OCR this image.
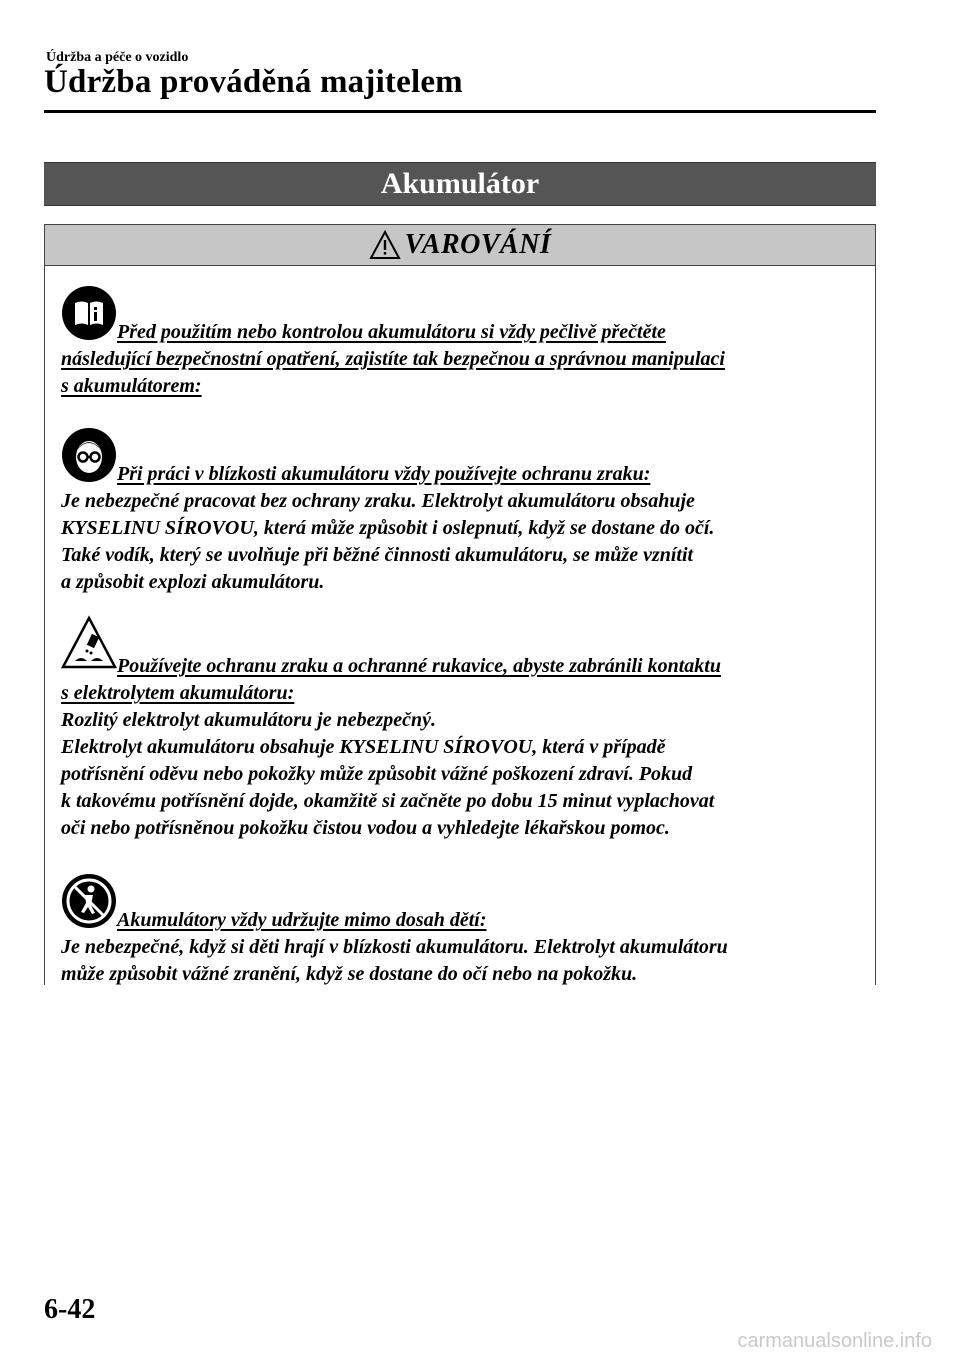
Údržba a péče o vozidlo
Údržba prováděná majitelem
Akumulátor
VAROVÁNÍ

Před použitím nebo kontrolou akumulátoru si vždy pečlivě přečtěte

následující bezpečnostní opatření, zajistíte tak bezpečnou a správnou manipulaci

s akumulátorem:

Při práci v blízkosti akumulátoru vždy používejte ochranu zraku:

Je nebezpečné pracovat bez ochrany zraku. Elektrolyt akumulátoru obsahuje

KYSELINU SÍROVOU, která může způsobit i oslepnutí, když se dostane do očí.

Také vodík, který se uvolňuje při běžné činnosti akumulátoru, se může vznítit

a způsobit explozi akumulátoru.

Používejte ochranu zraku a ochranné rukavice, abyste zabránili kontaktu

s elektrolytem akumulátoru:

Rozlitý elektrolyt akumulátoru je nebezpečný.

Elektrolyt akumulátoru obsahuje KYSELINU SÍROVOU, která v případě

potřísnění oděvu nebo pokožky může způsobit vážné poškození zdraví. Pokud

k takovému potřísnění dojde, okamžitě si začněte po dobu 15 minut vyplachovat

oči nebo potřísněnou pokožku čistou vodou a vyhledejte lékařskou pomoc.

Akumulátory vždy udržujte mimo dosah dětí:

Je nebezpečné, když si děti hrají v blízkosti akumulátoru. Elektrolyt akumulátoru

může způsobit vážné zranění, když se dostane do očí nebo na pokožku.

6-42
carmanualsonline.info
